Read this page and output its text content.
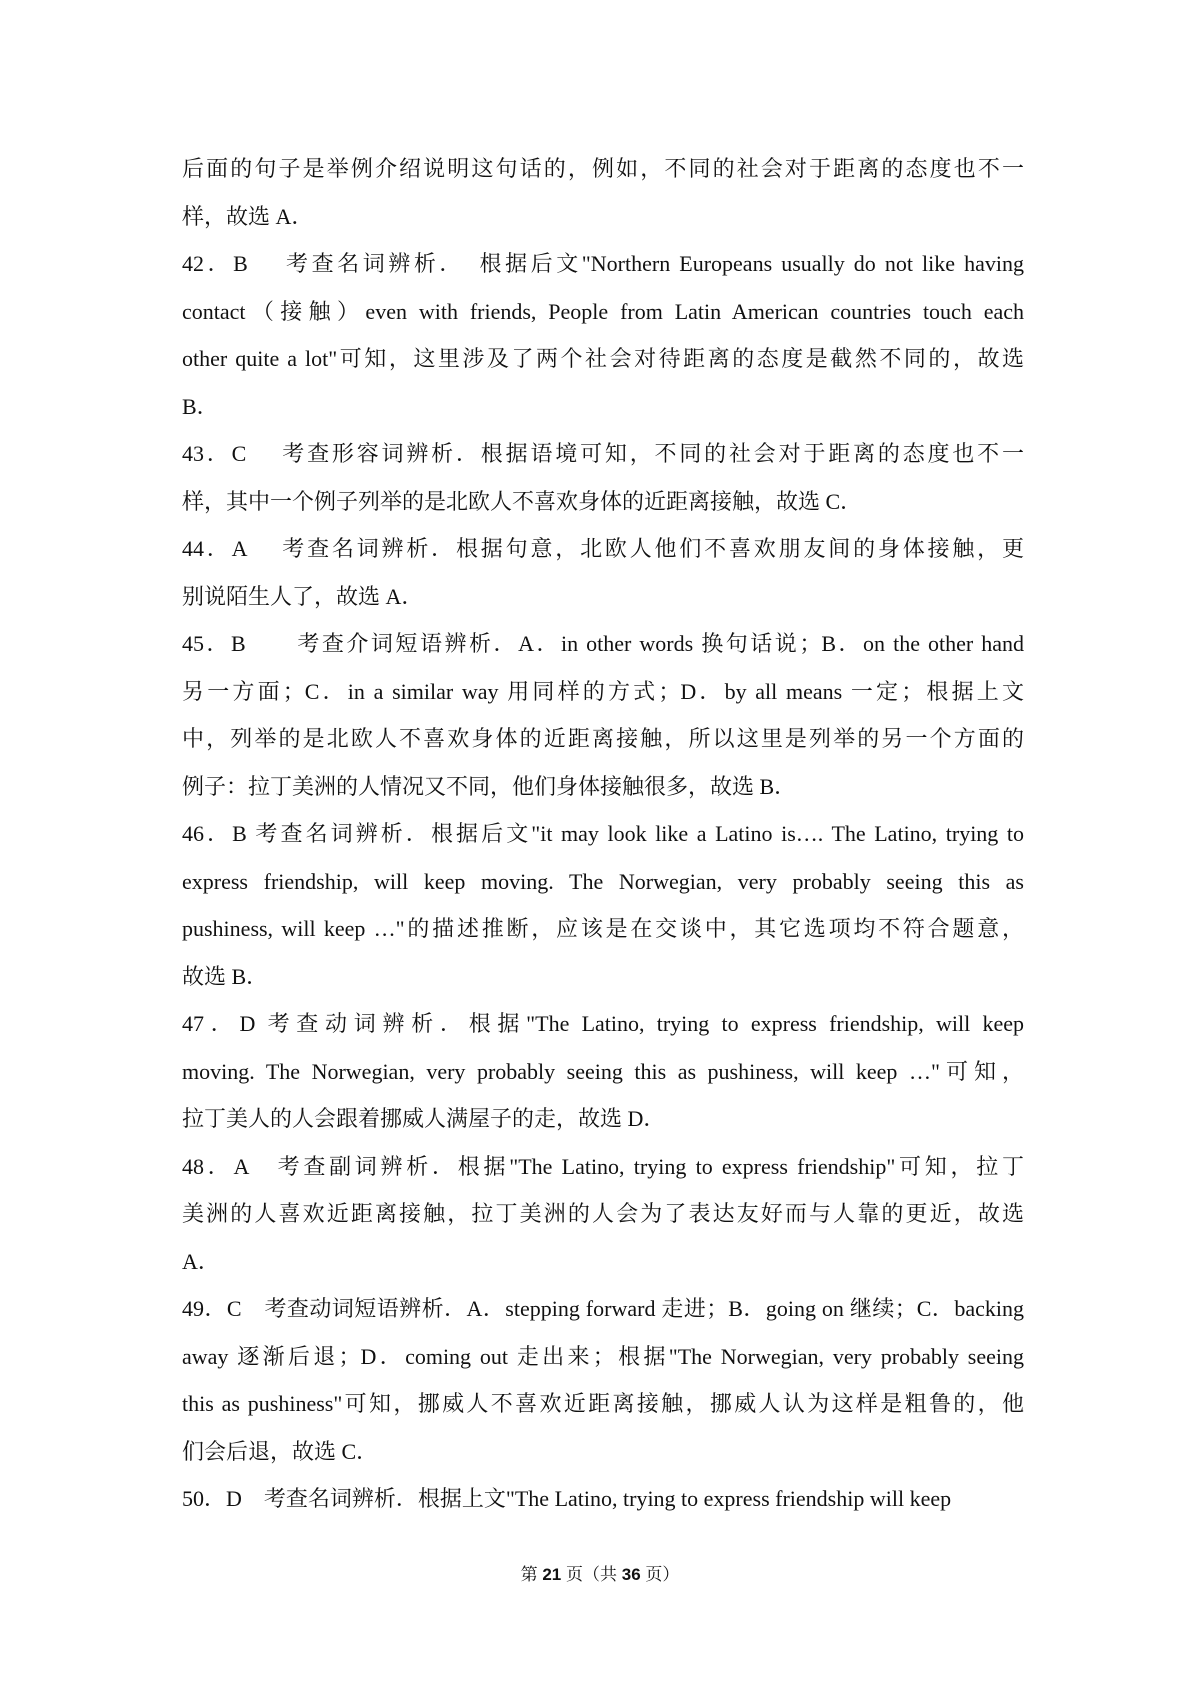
后面的句子是举例介绍说明这句话的，例如，不同的社会对于距离的态度也不一
样，故选 A．
42．B　 考查名词辨析．　根据后文"Northern Europeans usually do not like having
contact（接触）even with friends, People from Latin American countries touch each
other quite a lot"可知，这里涉及了两个社会对待距离的态度是截然不同的，故选
B．
43．C　 考查形容词辨析．根据语境可知，不同的社会对于距离的态度也不一
样，其中一个例子列举的是北欧人不喜欢身体的近距离接触，故选 C．
44．A　 考查名词辨析．根据句意，北欧人他们不喜欢朋友间的身体接触，更
别说陌生人了，故选 A．
45．B　　考查介词短语辨析．A．in other words 换句话说；B．on the other hand
另一方面；C．in a similar way 用同样的方式；D．by all means 一定；根据上文
中，列举的是北欧人不喜欢身体的近距离接触，所以这里是列举的另一个方面的
例子：拉丁美洲的人情况又不同，他们身体接触很多，故选 B．
46．B 考查名词辨析．根据后文"it may look like a Latino is…. The Latino, trying to
express friendship, will keep moving. The Norwegian, very probably seeing this as
pushiness, will keep …"的描述推断，应该是在交谈中，其它选项均不符合题意，
故选 B．
47．D 考查动词辨析．根据"The Latino, trying to express friendship, will keep
moving. The Norwegian, very probably seeing this as pushiness, will keep …"可知，
拉丁美人的人会跟着挪威人满屋子的走，故选 D．
48．A　考查副词辨析．根据"The Latino, trying to express friendship"可知，拉丁
美洲的人喜欢近距离接触，拉丁美洲的人会为了表达友好而与人靠的更近，故选
A．
49．C　考查动词短语辨析．A．stepping forward 走进；B．going on 继续；C．backing
away 逐渐后退；D．coming out 走出来；根据"The Norwegian, very probably seeing
this as pushiness"可知，挪威人不喜欢近距离接触，挪威人认为这样是粗鲁的，他
们会后退，故选 C．
50．D　考查名词辨析．根据上文"The Latino, trying to express friendship will keep
第 21 页（共 36 页）
